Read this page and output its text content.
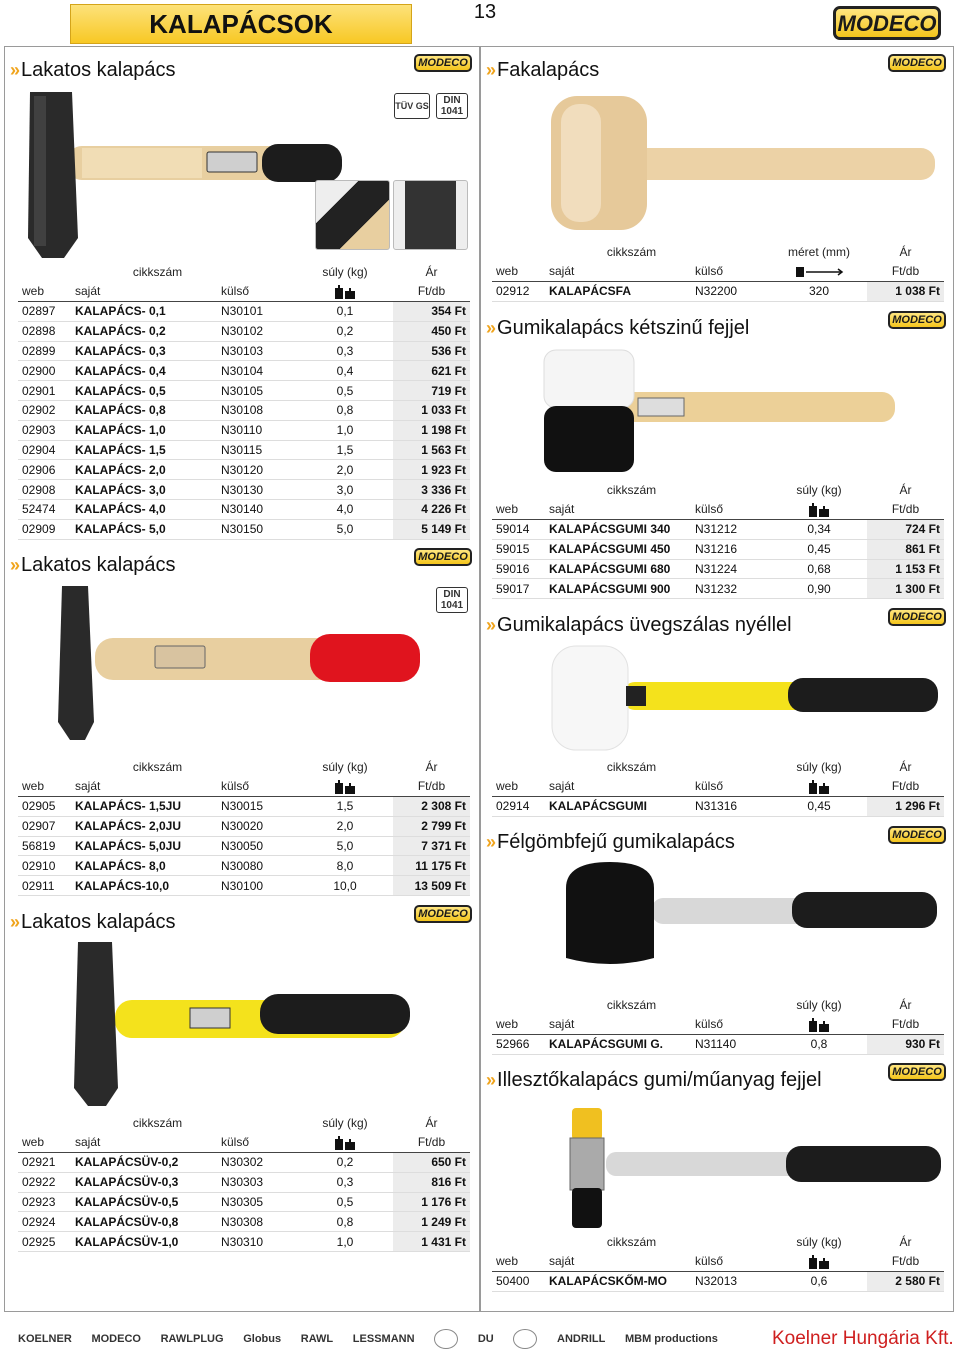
KALAPÁCSOK	13	MODECO
»Lakatos kalapács	MODECO
TÜV GS	DIN
1041
cikkszám			súly (kg)	Ár
web	saját	külső		Ft/db
02897	KALAPÁCS- 0,1	N30101	0,1	354 Ft
02898	KALAPÁCS- 0,2	N30102	0,2	450 Ft
02899	KALAPÁCS- 0,3	N30103	0,3	536 Ft
02900	KALAPÁCS- 0,4	N30104	0,4	621 Ft
02901	KALAPÁCS- 0,5	N30105	0,5	719 Ft
02902	KALAPÁCS- 0,8	N30108	0,8	1 033 Ft
02903	KALAPÁCS- 1,0	N30110	1,0	1 198 Ft
02904	KALAPÁCS- 1,5	N30115	1,5	1 563 Ft
02906	KALAPÁCS- 2,0	N30120	2,0	1 923 Ft
02908	KALAPÁCS- 3,0	N30130	3,0	3 336 Ft
52474	KALAPÁCS- 4,0	N30140	4,0	4 226 Ft
02909	KALAPÁCS- 5,0	N30150	5,0	5 149 Ft
»Lakatos kalapács	MODECO
DIN
1041
cikkszám			súly (kg)	Ár
web	saját	külső		Ft/db
02905	KALAPÁCS- 1,5JU	N30015	1,5	2 308 Ft
02907	KALAPÁCS- 2,0JU	N30020	2,0	2 799 Ft
56819	KALAPÁCS- 5,0JU	N30050	5,0	7 371 Ft
02910	KALAPÁCS- 8,0	N30080	8,0	11 175 Ft
02911	KALAPÁCS-10,0	N30100	10,0	13 509 Ft
»Lakatos kalapács	MODECO
cikkszám			súly (kg)	Ár
web	saját	külső		Ft/db
02921	KALAPÁCSÜV-0,2	N30302	0,2	650 Ft
02922	KALAPÁCSÜV-0,3	N30303	0,3	816 Ft
02923	KALAPÁCSÜV-0,5	N30305	0,5	1 176 Ft
02924	KALAPÁCSÜV-0,8	N30308	0,8	1 249 Ft
02925	KALAPÁCSÜV-1,0	N30310	1,0	1 431 Ft
»Fakalapács	MODECO
cikkszám			méret (mm)	Ár
web	saját	külső		Ft/db
02912	KALAPÁCSFA	N32200	320	1 038 Ft
»Gumikalapács kétszinű fejjel	MODECO
cikkszám			súly (kg)	Ár
web	saját	külső		Ft/db
59014	KALAPÁCSGUMI 340	N31212	0,34	724 Ft
59015	KALAPÁCSGUMI 450	N31216	0,45	861 Ft
59016	KALAPÁCSGUMI 680	N31224	0,68	1 153 Ft
59017	KALAPÁCSGUMI 900	N31232	0,90	1 300 Ft
»Gumikalapács üvegszálas nyéllel	MODECO
cikkszám			súly (kg)	Ár
web	saját	külső		Ft/db
02914	KALAPÁCSGUMI	N31316	0,45	1 296 Ft
»Félgömbfejű gumikalapács	MODECO
cikkszám			súly (kg)	Ár
web	saját	külső		Ft/db
52966	KALAPÁCSGUMI G.	N31140	0,8	930 Ft
»Illesztőkalapács gumi/műanyag fejjel	MODECO
cikkszám			súly (kg)	Ár
web	saját	külső		Ft/db
50400	KALAPÁCSKŐM-MO	N32013	0,6	2 580 Ft
KOELNER MODECO RAWLPLUG Globus RAWL LESSMANN	DU	ANDRILL MBM productions	Koelner Hungária Kft.
